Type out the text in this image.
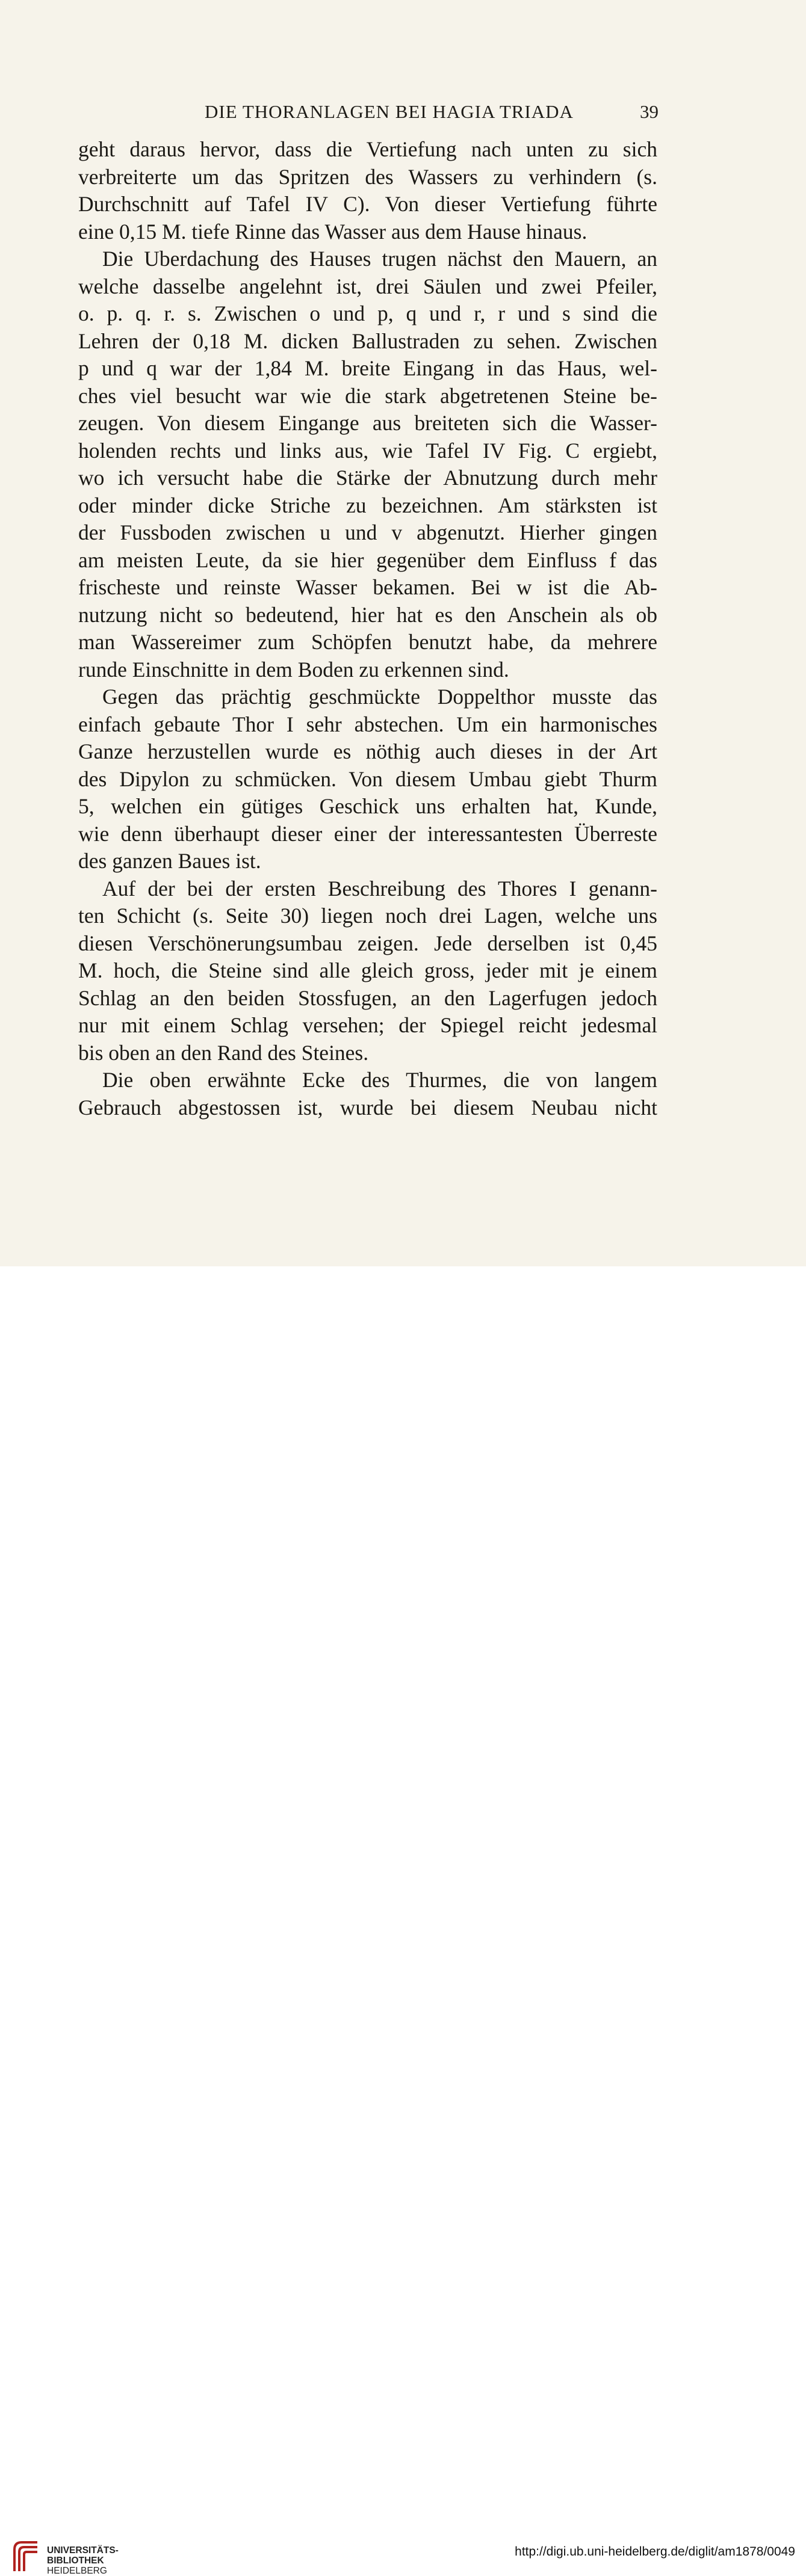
DIE THORANLAGEN BEI HAGIA TRIADA	39
geht daraus hervor, dass die Vertiefung nach unten zu sich
verbreiterte um das Spritzen des Wassers zu verhindern (s.
Durchschnitt auf Tafel IV C). Von dieser Vertiefung führte
eine 0,15 M. tiefe Rinne das Wasser aus dem Hause hinaus.
Die Uberdachung des Hauses trugen nächst den Mauern, an
welche dasselbe angelehnt ist, drei Säulen und zwei Pfeiler,
o. p. q. r. s. Zwischen o und p, q und r, r und s sind die
Lehren der 0,18 M. dicken Ballustraden zu sehen. Zwischen
p und q war der 1,84 M. breite Eingang in das Haus, wel-
ches viel besucht war wie die stark abgetretenen Steine be-
zeugen. Von diesem Eingange aus breiteten sich die Wasser-
holenden rechts und links aus, wie Tafel IV Fig. C ergiebt,
wo ich versucht habe die Stärke der Abnutzung durch mehr
oder minder dicke Striche zu bezeichnen. Am stärksten ist
der Fussboden zwischen u und v abgenutzt. Hierher gingen
am meisten Leute, da sie hier gegenüber dem Einfluss f das
frischeste und reinste Wasser bekamen. Bei w ist die Ab-
nutzung nicht so bedeutend, hier hat es den Anschein als ob
man Wassereimer zum Schöpfen benutzt habe, da mehrere
runde Einschnitte in dem Boden zu erkennen sind.
Gegen das prächtig geschmückte Doppelthor musste das
einfach gebaute Thor I sehr abstechen. Um ein harmonisches
Ganze herzustellen wurde es nöthig auch dieses in der Art
des Dipylon zu schmücken. Von diesem Umbau giebt Thurm
5, welchen ein gütiges Geschick uns erhalten hat, Kunde,
wie denn überhaupt dieser einer der interessantesten Überreste
des ganzen Baues ist.
Auf der bei der ersten Beschreibung des Thores I genann-
ten Schicht (s. Seite 30) liegen noch drei Lagen, welche uns
diesen Verschönerungsumbau zeigen. Jede derselben ist 0,45
M. hoch, die Steine sind alle gleich gross, jeder mit je einem
Schlag an den beiden Stossfugen, an den Lagerfugen jedoch
nur mit einem Schlag versehen; der Spiegel reicht jedesmal
bis oben an den Rand des Steines.
Die oben erwähnte Ecke des Thurmes, die von langem
Gebrauch abgestossen ist, wurde bei diesem Neubau nicht
UNIVERSITÄTS-
BIBLIOTHEK
HEIDELBERG
http://digi.ub.uni-heidelberg.de/diglit/am1878/0049
